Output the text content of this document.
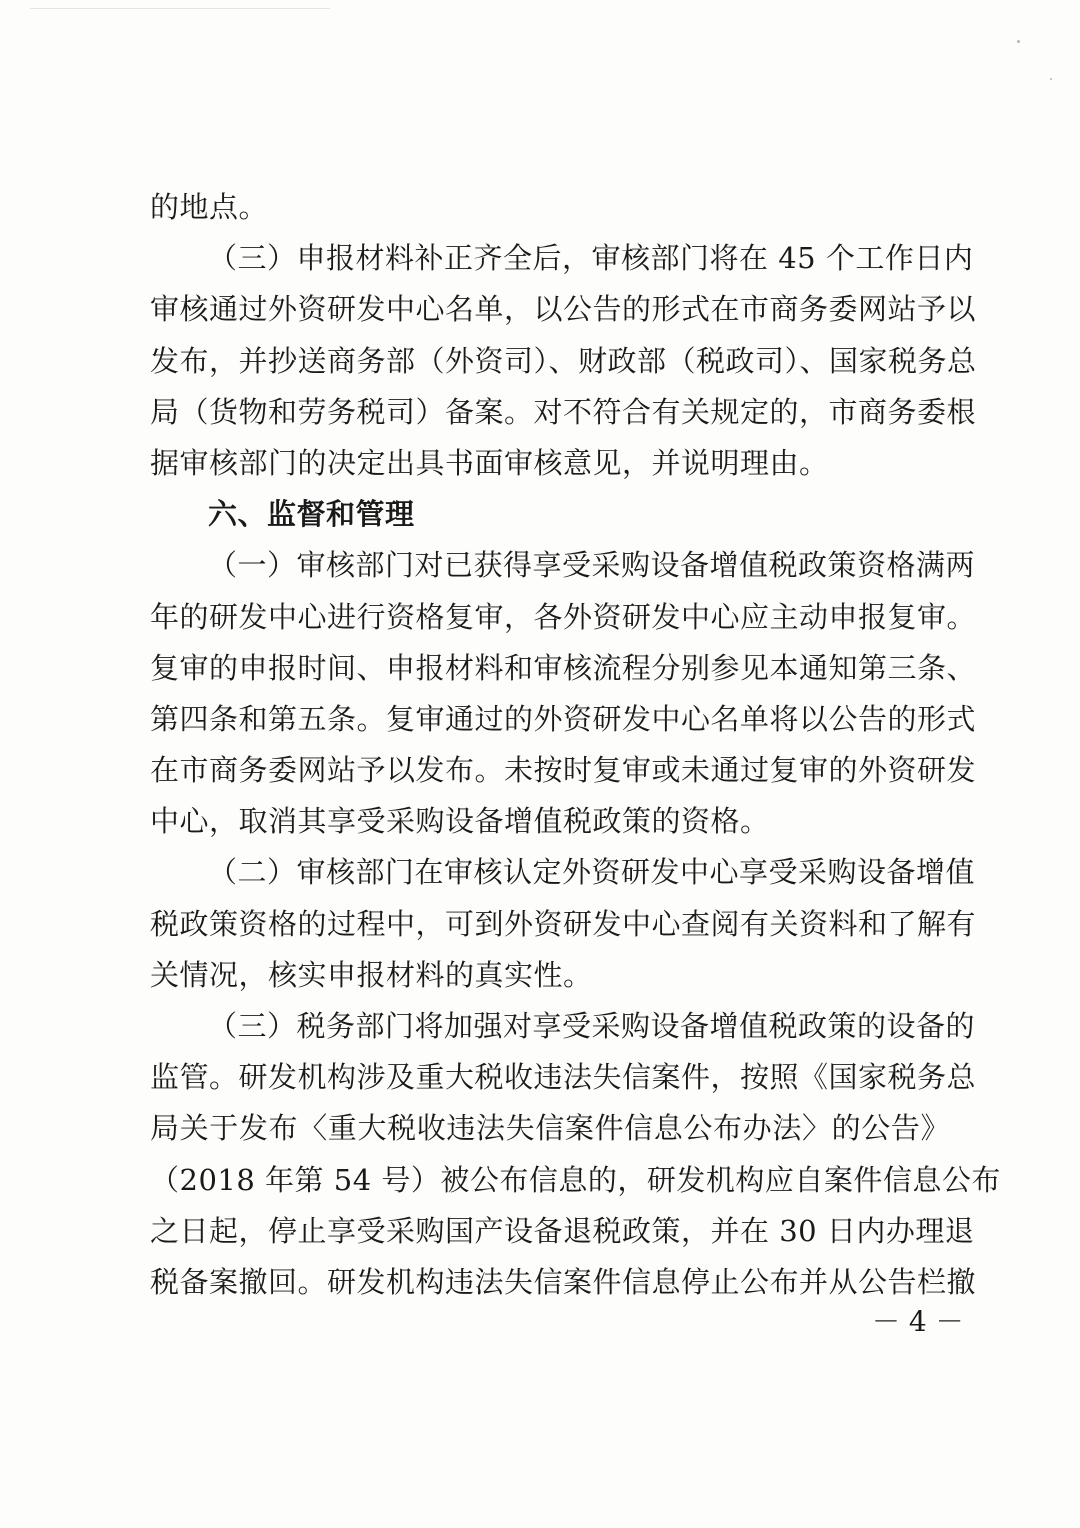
的地点。
（三）申报材料补正齐全后，审核部门将在 45 个工作日内
审核通过外资研发中心名单，以公告的形式在市商务委网站予以
发布，并抄送商务部（外资司）、财政部（税政司）、国家税务总
局（货物和劳务税司）备案。对不符合有关规定的，市商务委根
据审核部门的决定出具书面审核意见，并说明理由。
六、监督和管理
（一）审核部门对已获得享受采购设备增值税政策资格满两
年的研发中心进行资格复审，各外资研发中心应主动申报复审。
复审的申报时间、申报材料和审核流程分别参见本通知第三条、
第四条和第五条。复审通过的外资研发中心名单将以公告的形式
在市商务委网站予以发布。未按时复审或未通过复审的外资研发
中心，取消其享受采购设备增值税政策的资格。
（二）审核部门在审核认定外资研发中心享受采购设备增值
税政策资格的过程中，可到外资研发中心查阅有关资料和了解有
关情况，核实申报材料的真实性。
（三）税务部门将加强对享受采购设备增值税政策的设备的
监管。研发机构涉及重大税收违法失信案件，按照《国家税务总
局关于发布〈重大税收违法失信案件信息公布办法〉的公告》
（2018 年第 54 号）被公布信息的，研发机构应自案件信息公布
之日起，停止享受采购国产设备退税政策，并在 30 日内办理退
税备案撤回。研发机构违法失信案件信息停止公布并从公告栏撤
－ 4 －
